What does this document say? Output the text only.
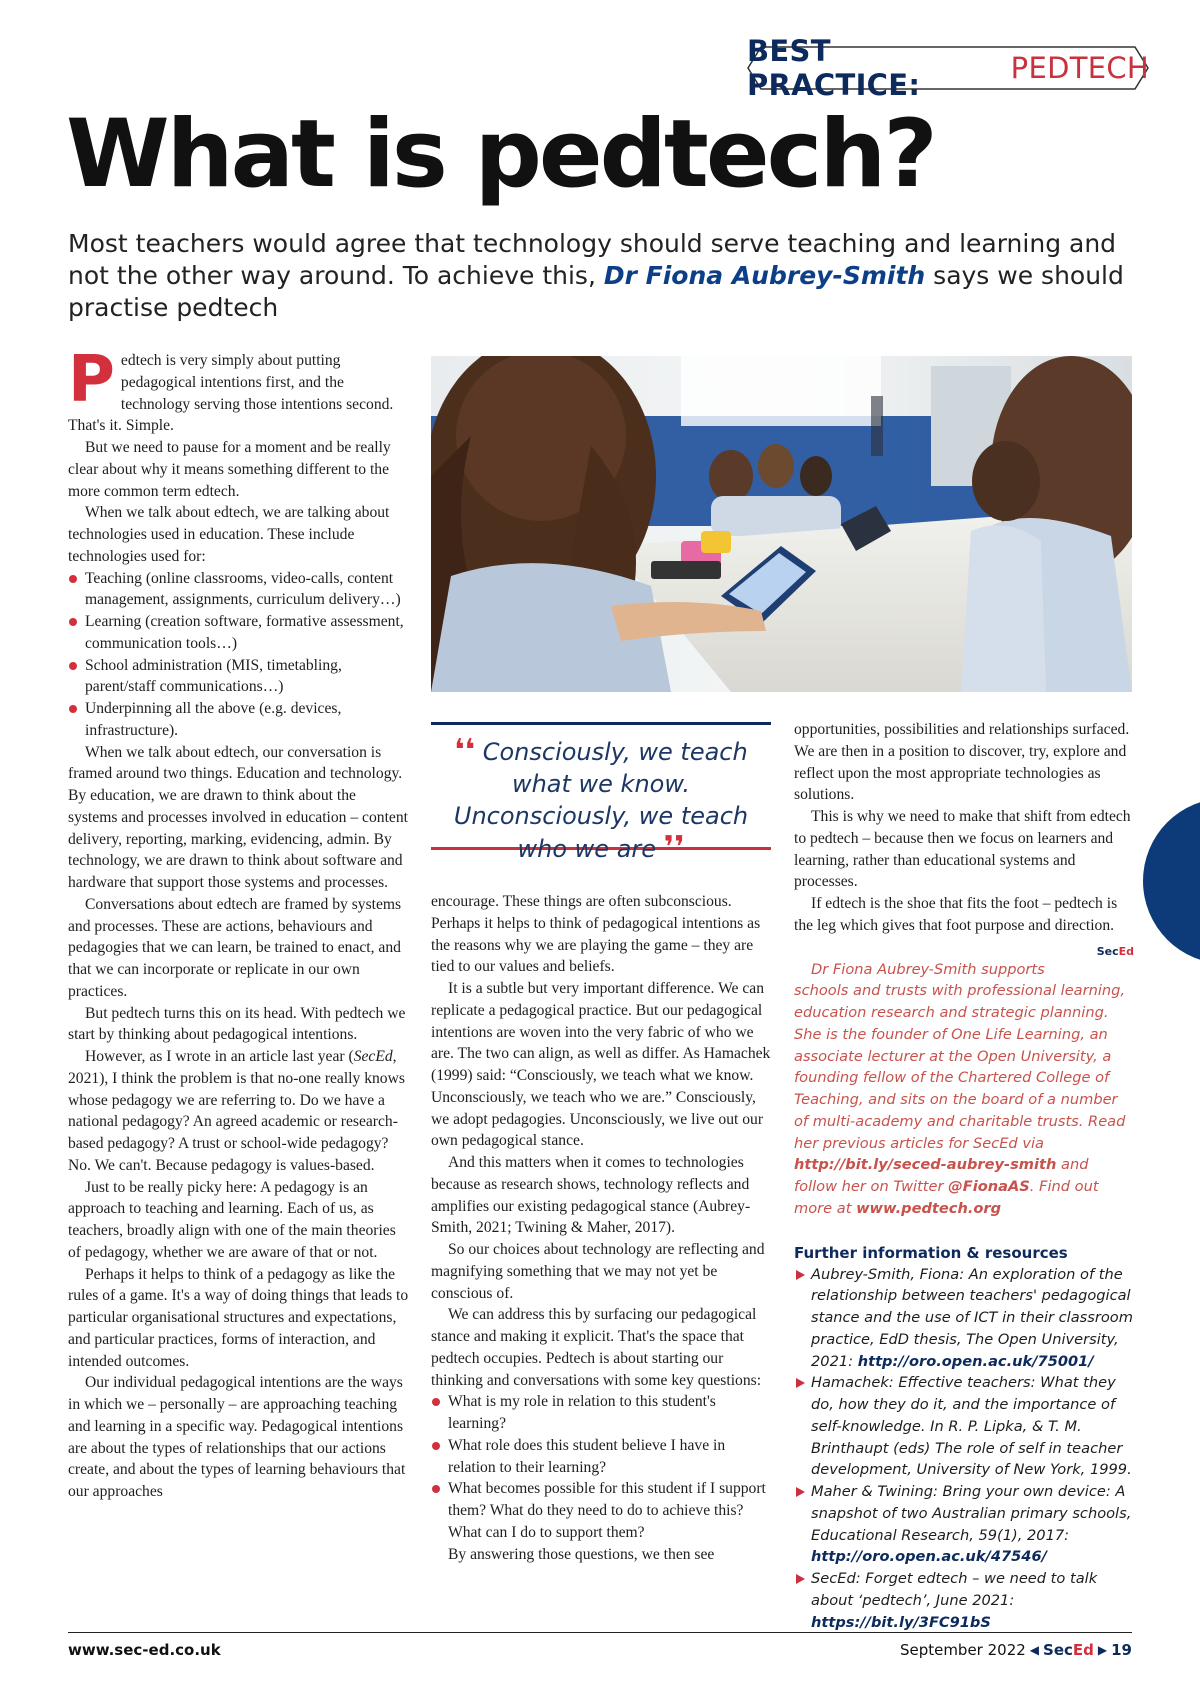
BEST PRACTICE:	PEDTECH
What is pedtech?

Most teachers would agree that technology should serve teaching and learning and not the other way around. To achieve this, Dr Fiona Aubrey-Smith says we should practise pedtech

Pedtech is very simply about putting pedagogical intentions first, and the technology serving those intentions second. That's it. Simple.

But we need to pause for a moment and be really clear about why it means something different to the more common term edtech.

When we talk about edtech, we are talking about technologies used in education. These include technologies used for:

Teaching (online classrooms, video-calls, content management, assignments, curriculum delivery…)
Learning (creation software, formative assessment, communication tools…)
School administration (MIS, timetabling, parent/staff communications…)
Underpinning all the above (e.g. devices, infrastructure).

When we talk about edtech, our conversation is framed around two things. Education and technology. By education, we are drawn to think about the systems and processes involved in education – content delivery, reporting, marking, evidencing, admin. By technology, we are drawn to think about software and hardware that support those systems and processes.

Conversations about edtech are framed by systems and processes. These are actions, behaviours and pedagogies that we can learn, be trained to enact, and that we can incorporate or replicate in our own practices.

But pedtech turns this on its head. With pedtech we start by thinking about pedagogical intentions.

However, as I wrote in an article last year (SecEd, 2021), I think the problem is that no-one really knows whose pedagogy we are referring to. Do we have a national pedagogy? An agreed academic or research-based pedagogy? A trust or school-wide pedagogy? No. We can't. Because pedagogy is values-based.

Just to be really picky here: A pedagogy is an approach to teaching and learning. Each of us, as teachers, broadly align with one of the main theories of pedagogy, whether we are aware of that or not.

Perhaps it helps to think of a pedagogy as like the rules of a game. It's a way of doing things that leads to particular organisational structures and expectations, and particular practices, forms of interaction, and intended outcomes.

Our individual pedagogical intentions are the ways in which we – personally – are approaching teaching and learning in a specific way. Pedagogical intentions are about the types of relationships that our actions create, and about the types of learning behaviours that our approaches

❛❛ Consciously, we teach what we know. Unconsciously, we teach who we are ❜❜

encourage. These things are often subconscious. Perhaps it helps to think of pedagogical intentions as the reasons why we are playing the game – they are tied to our values and beliefs.

It is a subtle but very important difference. We can replicate a pedagogical practice. But our pedagogical intentions are woven into the very fabric of who we are. The two can align, as well as differ. As Hamachek (1999) said: “Consciously, we teach what we know. Unconsciously, we teach who we are.” Consciously, we adopt pedagogies. Unconsciously, we live out our own pedagogical stance.

And this matters when it comes to technologies because as research shows, technology reflects and amplifies our existing pedagogical stance (Aubrey-Smith, 2021; Twining & Maher, 2017).

So our choices about technology are reflecting and magnifying something that we may not yet be conscious of.

We can address this by surfacing our pedagogical stance and making it explicit. That's the space that pedtech occupies. Pedtech is about starting our thinking and conversations with some key questions:

What is my role in relation to this student's learning?
What role does this student believe I have in relation to their learning?
What becomes possible for this student if I support them? What do they need to do to achieve this? What can I do to support them?

By answering those questions, we then see

opportunities, possibilities and relationships surfaced. We are then in a position to discover, try, explore and reflect upon the most appropriate technologies as solutions.

This is why we need to make that shift from edtech to pedtech – because then we focus on learners and learning, rather than educational systems and processes.

If edtech is the shoe that fits the foot – pedtech is the leg which gives that foot purpose and direction.
SecEd

Dr Fiona Aubrey-Smith supports schools and trusts with professional learning, education research and strategic planning. She is the founder of One Life Learning, an associate lecturer at the Open University, a founding fellow of the Chartered College of Teaching, and sits on the board of a number of multi-academy and charitable trusts. Read her previous articles for SecEd via http://bit.ly/seced-aubrey-smith and follow her on Twitter @FionaAS. Find out more at www.pedtech.org

Further information & resources
Aubrey-Smith, Fiona: An exploration of the relationship between teachers' pedagogical stance and the use of ICT in their classroom practice, EdD thesis, The Open University, 2021: http://oro.open.ac.uk/75001/
Hamachek: Effective teachers: What they do, how they do it, and the importance of self-knowledge. In R. P. Lipka, & T. M. Brinthaupt (eds) The role of self in teacher development, University of New York, 1999.
Maher & Twining: Bring your own device: A snapshot of two Australian primary schools, Educational Research, 59(1), 2017: http://oro.open.ac.uk/47546/
SecEd: Forget edtech – we need to talk about ‘pedtech’, June 2021: https://bit.ly/3FC91bS
www.sec-ed.co.uk	September 2022 ◀ SecEd ▶ 19
